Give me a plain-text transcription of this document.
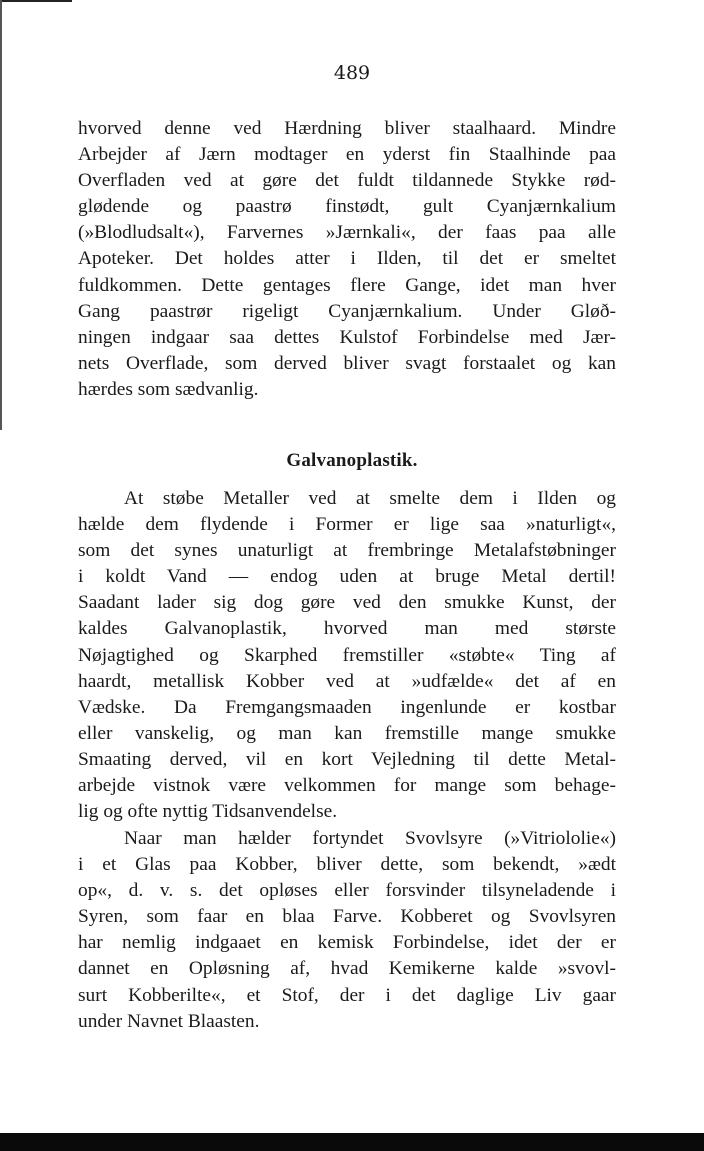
489
hvorved denne ved Hærdning bliver staalhaard. Mindre
Arbejder af Jærn modtager en yderst fin Staalhinde paa
Overfladen ved at gøre det fuldt tildannede Stykke rød-
glødende og paastrø finstødt, gult Cyanjærnkalium
(»Blodludsalt«), Farvernes »Jærnkali«, der faas paa alle
Apoteker. Det holdes atter i Ilden, til det er smeltet
fuldkommen. Dette gentages flere Gange, idet man hver
Gang paastrør rigeligt Cyanjærnkalium. Under Gløð-
ningen indgaar saa dettes Kulstof Forbindelse med Jær-
nets Overflade, som derved bliver svagt forstaalet og kan
hærdes som sædvanlig.
Galvanoplastik.
At støbe Metaller ved at smelte dem i Ilden og
hælde dem flydende i Former er lige saa »naturligt«,
som det synes unaturligt at frembringe Metalafstøbninger
i koldt Vand — endog uden at bruge Metal dertil!
Saadant lader sig dog gøre ved den smukke Kunst, der
kaldes Galvanoplastik, hvorved man med største
Nøjagtighed og Skarphed fremstiller «støbte« Ting af
haardt, metallisk Kobber ved at »udfælde« det af en
Vædske. Da Fremgangsmaaden ingenlunde er kostbar
eller vanskelig, og man kan fremstille mange smukke
Smaating derved, vil en kort Vejledning til dette Metal-
arbejde vistnok være velkommen for mange som behage-
lig og ofte nyttig Tidsanvendelse.
Naar man hælder fortyndet Svovlsyre (»Vitriololie«)
i et Glas paa Kobber, bliver dette, som bekendt, »ædt
op«, d. v. s. det opløses eller forsvinder tilsyneladende i
Syren, som faar en blaa Farve. Kobberet og Svovlsyren
har nemlig indgaaet en kemisk Forbindelse, idet der er
dannet en Opløsning af, hvad Kemikerne kalde »svovl-
surt Kobberilte«, et Stof, der i det daglige Liv gaar
under Navnet Blaasten.
